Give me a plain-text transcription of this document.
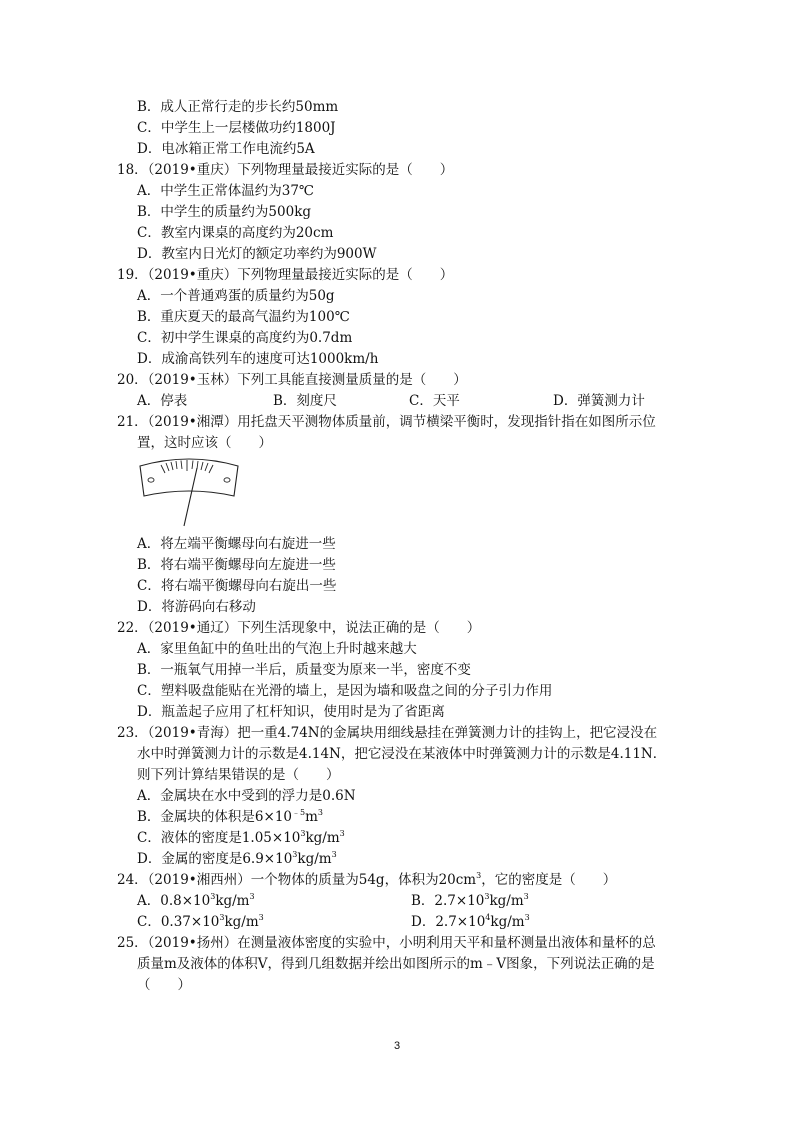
B．成人正常行走的步长约50mm
C．中学生上一层楼做功约1800J
D．电冰箱正常工作电流约5A
18．（2019•重庆）下列物理量最接近实际的是（　　）
A．中学生正常体温约为37℃
B．中学生的质量约为500kg
C．教室内课桌的高度约为20cm
D．教室内日光灯的额定功率约为900W
19．（2019•重庆）下列物理量最接近实际的是（　　）
A．一个普通鸡蛋的质量约为50g
B．重庆夏天的最高气温约为100℃
C．初中学生课桌的高度约为0.7dm
D．成渝高铁列车的速度可达1000km/h
20．（2019•玉林）下列工具能直接测量质量的是（　　）
A．停表	B．刻度尺	C．天平	D．弹簧测力计
21．（2019•湘潭）用托盘天平测物体质量前，调节横梁平衡时，发现指针指在如图所示位
置，这时应该（　　）
A．将左端平衡螺母向右旋进一些
B．将右端平衡螺母向左旋进一些
C．将右端平衡螺母向右旋出一些
D．将游码向右移动
22．（2019•通辽）下列生活现象中，说法正确的是（　　）
A．家里鱼缸中的鱼吐出的气泡上升时越来越大
B．一瓶氧气用掉一半后，质量变为原来一半，密度不变
C．塑料吸盘能贴在光滑的墙上，是因为墙和吸盘之间的分子引力作用
D．瓶盖起子应用了杠杆知识，使用时是为了省距离
23．（2019•青海）把一重4.74N的金属块用细线悬挂在弹簧测力计的挂钩上，把它浸没在
水中时弹簧测力计的示数是4.14N，把它浸没在某液体中时弹簧测力计的示数是4.11N．
则下列计算结果错误的是（　　）
A．金属块在水中受到的浮力是0.6N
B．金属块的体积是$6\times 10^{﹣5}m^3$
C．液体的密度是$1.05\times 10^3kg/m^3$
D．金属的密度是$6.9\times 10^3kg/m^3$
24．（2019•湘西州）一个物体的质量为54g，体积为$20cm^3$，它的密度是（　　）
A．$0.8\times 10^3kg/m^3$	B．$2.7\times 10^3kg/m^3$
C．$0.37\times 10^3kg/m^3$	D．$2.7\times 10^4kg/m^3$
25．（2019•扬州）在测量液体密度的实验中，小明利用天平和量杯测量出液体和量杯的总
质量m及液体的体积V，得到几组数据并绘出如图所示的m﹣V图象，下列说法正确的是
（　　）
3
